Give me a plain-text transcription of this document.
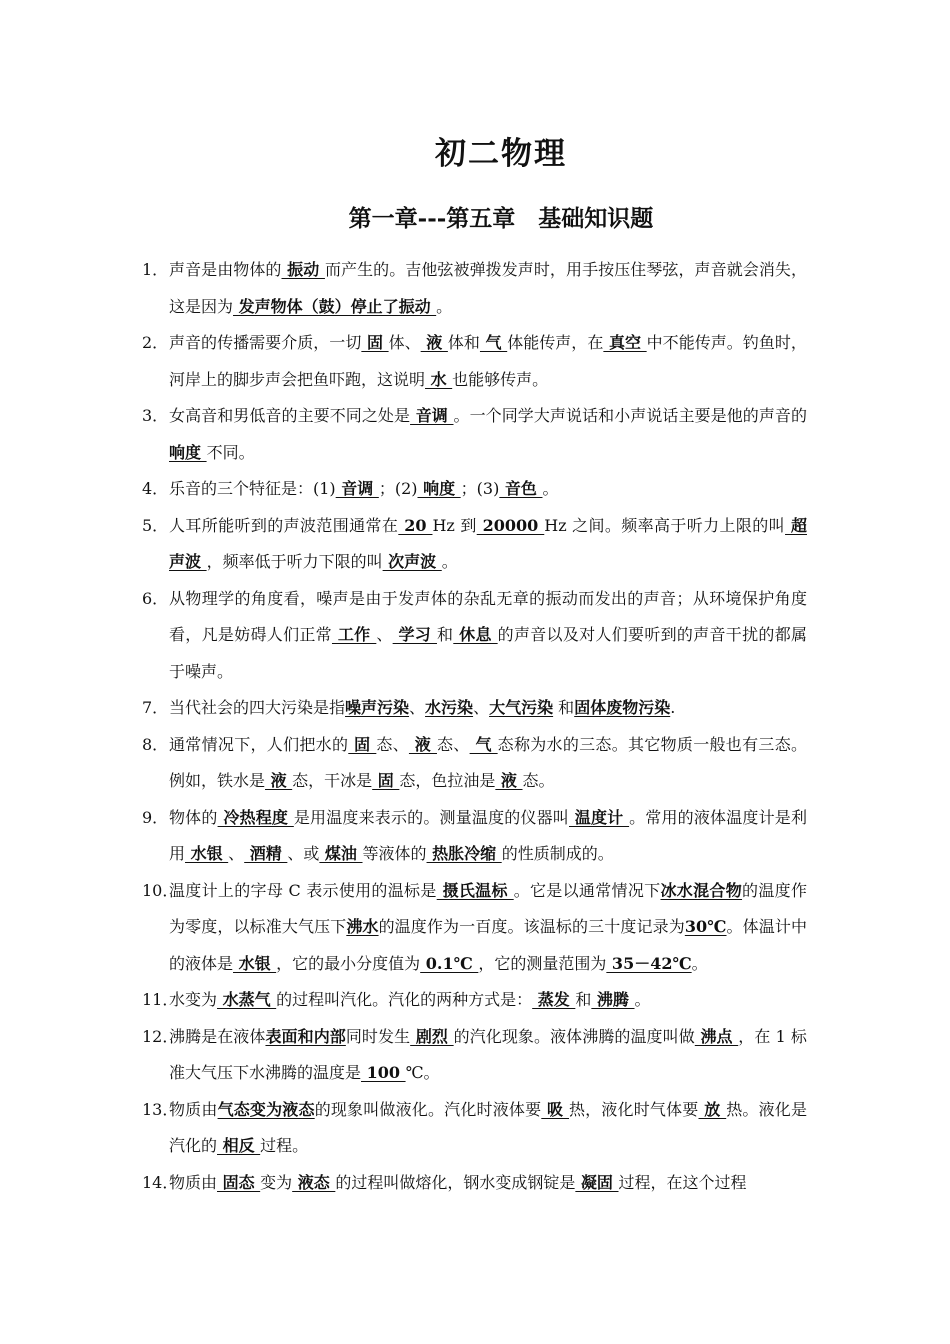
初二物理
第一章---第五章　基础知识题
1． 声音是由物体的 振动 而产生的。吉他弦被弹拨发声时，用手按压住琴弦，声音就会消失，这是因为 发声物体（鼓）停止了振动 。
2． 声音的传播需要介质，一切 固 体、 液 体和 气 体能传声，在 真空 中不能传声。钓鱼时，河岸上的脚步声会把鱼吓跑，这说明 水 也能够传声。
3． 女高音和男低音的主要不同之处是 音调 。一个同学大声说话和小声说话主要是他的声音的 响度 不同。
4． 乐音的三个特征是：(1) 音调 ；(2) 响度 ；(3) 音色 。
5． 人耳所能听到的声波范围通常在 20 Hz 到 20000 Hz 之间。频率高于听力上限的叫 超声波 ，频率低于听力下限的叫 次声波 。
6． 从物理学的角度看，噪声是由于发声体的杂乱无章的振动而发出的声音；从环境保护角度看，凡是妨碍人们正常 工作 、 学习 和 休息 的声音以及对人们要听到的声音干扰的都属于噪声。
7． 当代社会的四大污染是指噪声污染、水污染、大气污染 和固体废物污染.
8． 通常情况下，人们把水的 固 态、 液 态、 气 态称为水的三态。其它物质一般也有三态。例如，铁水是 液 态，干冰是 固 态，色拉油是 液 态。
9． 物体的 冷热程度 是用温度来表示的。测量温度的仪器叫 温度计 。常用的液体温度计是利用 水银 、 酒精 、或 煤油 等液体的 热胀冷缩 的性质制成的。
10．
温度计上的字母 C 表示使用的温标是 摄氏温标 。它是以通常情况下冰水混合物的温度作为零度，以标准大气压下沸水的温度作为一百度。该温标的三十度记录为30℃。体温计中的液体是 水银 ，它的最小分度值为 0.1℃ ，它的测量范围为 35－42℃。
11．
水变为 水蒸气 的过程叫汽化。汽化的两种方式是： 蒸发 和 沸腾 。
12．
沸腾是在液体表面和内部同时发生 剧烈 的汽化现象。液体沸腾的温度叫做 沸点 ，在 1 标准大气压下水沸腾的温度是 100 ℃。
13．
物质由气态变为液态的现象叫做液化。汽化时液体要 吸 热，液化时气体要 放 热。液化是汽化的 相反 过程。
14．
物质由 固态 变为 液态 的过程叫做熔化，钢水变成钢锭是 凝固 过程，在这个过程
